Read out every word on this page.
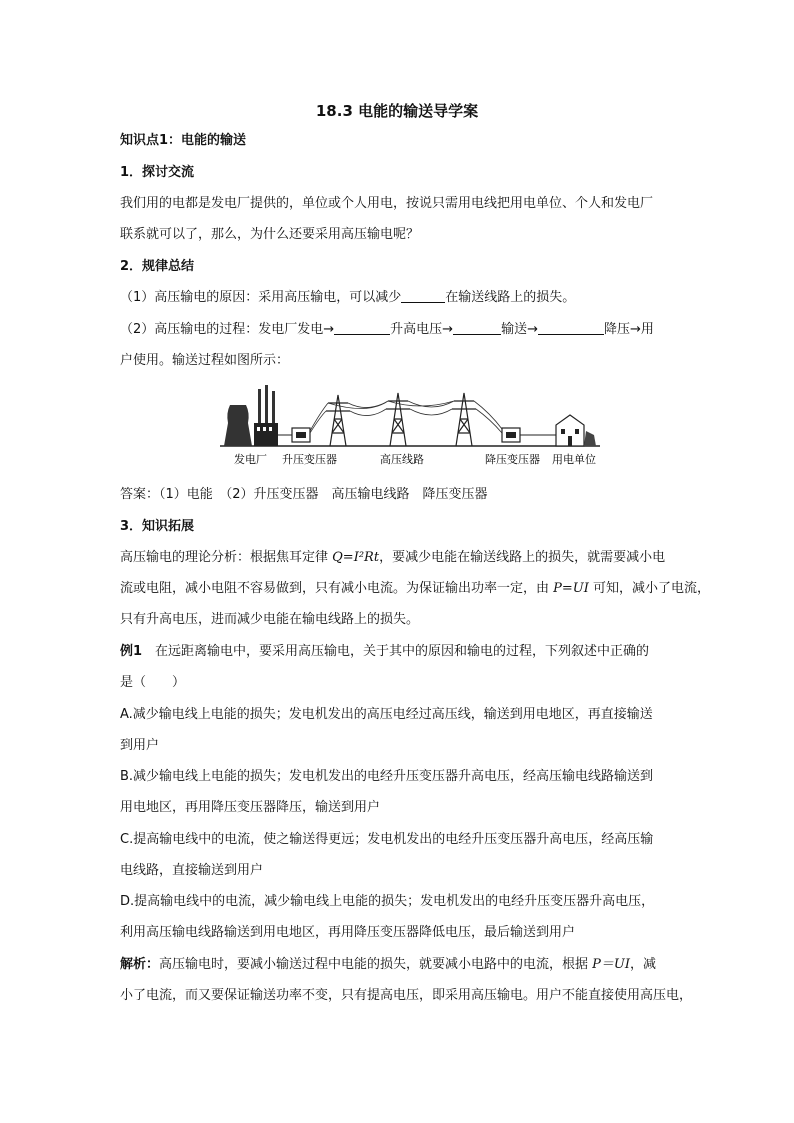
18.3 电能的输送导学案
知识点1：电能的输送
1．探讨交流
我们用的电都是发电厂提供的，单位或个人用电，按说只需用电线把用电单位、个人和发电厂
联系就可以了，那么，为什么还要采用高压输电呢？
2．规律总结
（1）高压输电的原因：采用高压输电，可以减少	在输送线路上的损失。
（2）高压输电的过程：发电厂发电→	升高电压→	输送→	降压→用
户使用。输送过程如图所示：
发电厂 升压变压器	高压线路	降压变压器 用电单位
答案：（1）电能　（2）升压变压器　高压输电线路　降压变压器
3．知识拓展
高压输电的理论分析：根据焦耳定律 Q=I²Rt，要减少电能在输送线路上的损失，就需要减小电
流或电阻，减小电阻不容易做到，只有减小电流。为保证输出功率一定，由 P=UI 可知，减小了电流，
只有升高电压，进而减少电能在输电线路上的损失。
例1　在远距离输电中，要采用高压输电，关于其中的原因和输电的过程，下列叙述中正确的
是（　　）
A.减少输电线上电能的损失；发电机发出的高压电经过高压线，输送到用电地区，再直接输送
到用户
B.减少输电线上电能的损失；发电机发出的电经升压变压器升高电压，经高压输电线路输送到
用电地区，再用降压变压器降压，输送到用户
C.提高输电线中的电流，使之输送得更远；发电机发出的电经升压变压器升高电压，经高压输
电线路，直接输送到用户
D.提高输电线中的电流，减少输电线上电能的损失；发电机发出的电经升压变压器升高电压，
利用高压输电线路输送到用电地区，再用降压变压器降低电压，最后输送到用户
解析：高压输电时，要减小输送过程中电能的损失，就要减小电路中的电流，根据 P＝UI，减
小了电流，而又要保证输送功率不变，只有提高电压，即采用高压输电。用户不能直接使用高压电，
